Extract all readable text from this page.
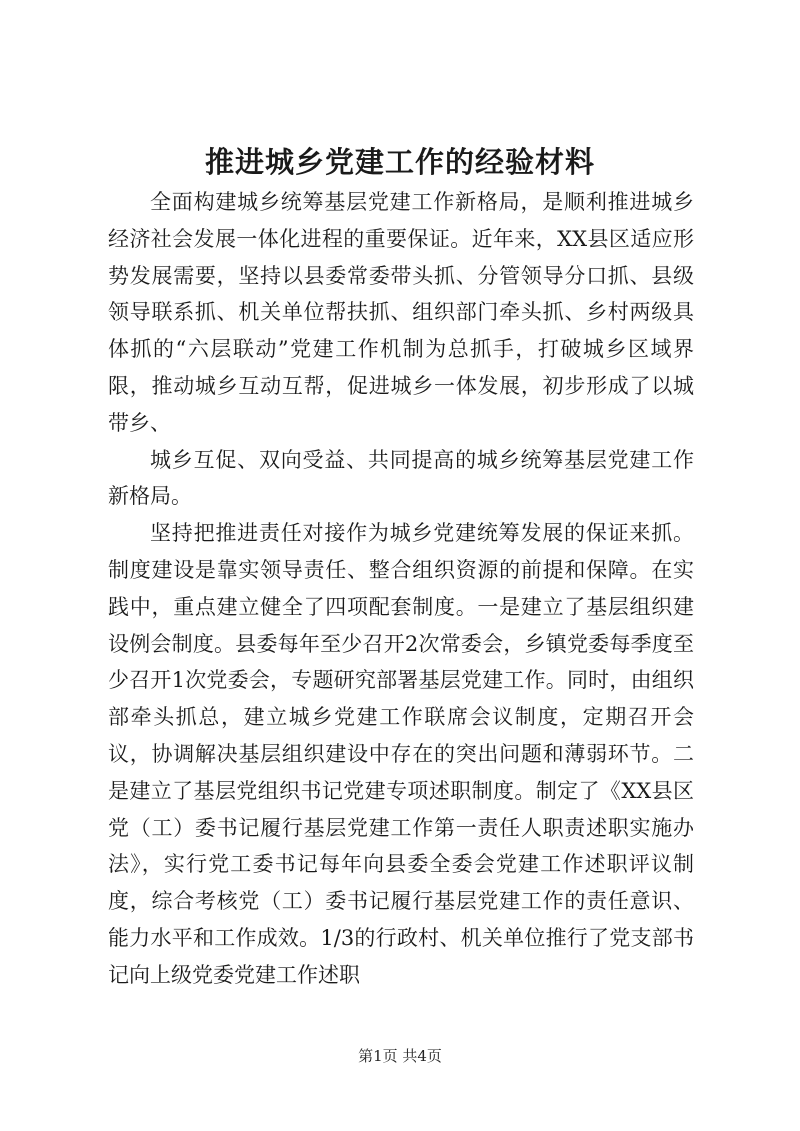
推进城乡党建工作的经验材料

全面构建城乡统筹基层党建工作新格局，是顺利推进城乡经济社会发展一体化进程的重要保证。近年来，XX县区适应形势发展需要，坚持以县委常委带头抓、分管领导分口抓、县级领导联系抓、机关单位帮扶抓、组织部门牵头抓、乡村两级具体抓的“六层联动”党建工作机制为总抓手，打破城乡区域界限，推动城乡互动互帮，促进城乡一体发展，初步形成了以城带乡、

城乡互促、双向受益、共同提高的城乡统筹基层党建工作新格局。

坚持把推进责任对接作为城乡党建统筹发展的保证来抓。制度建设是靠实领导责任、整合组织资源的前提和保障。在实践中，重点建立健全了四项配套制度。一是建立了基层组织建设例会制度。县委每年至少召开2次常委会，乡镇党委每季度至少召开1次党委会，专题研究部署基层党建工作。同时，由组织部牵头抓总，建立城乡党建工作联席会议制度，定期召开会议，协调解决基层组织建设中存在的突出问题和薄弱环节。二是建立了基层党组织书记党建专项述职制度。制定了《XX县区党（工）委书记履行基层党建工作第一责任人职责述职实施办法》，实行党工委书记每年向县委全委会党建工作述职评议制度，综合考核党（工）委书记履行基层党建工作的责任意识、能力水平和工作成效。1/3的行政村、机关单位推行了党支部书记向上级党委党建工作述职

第1页 共4页
